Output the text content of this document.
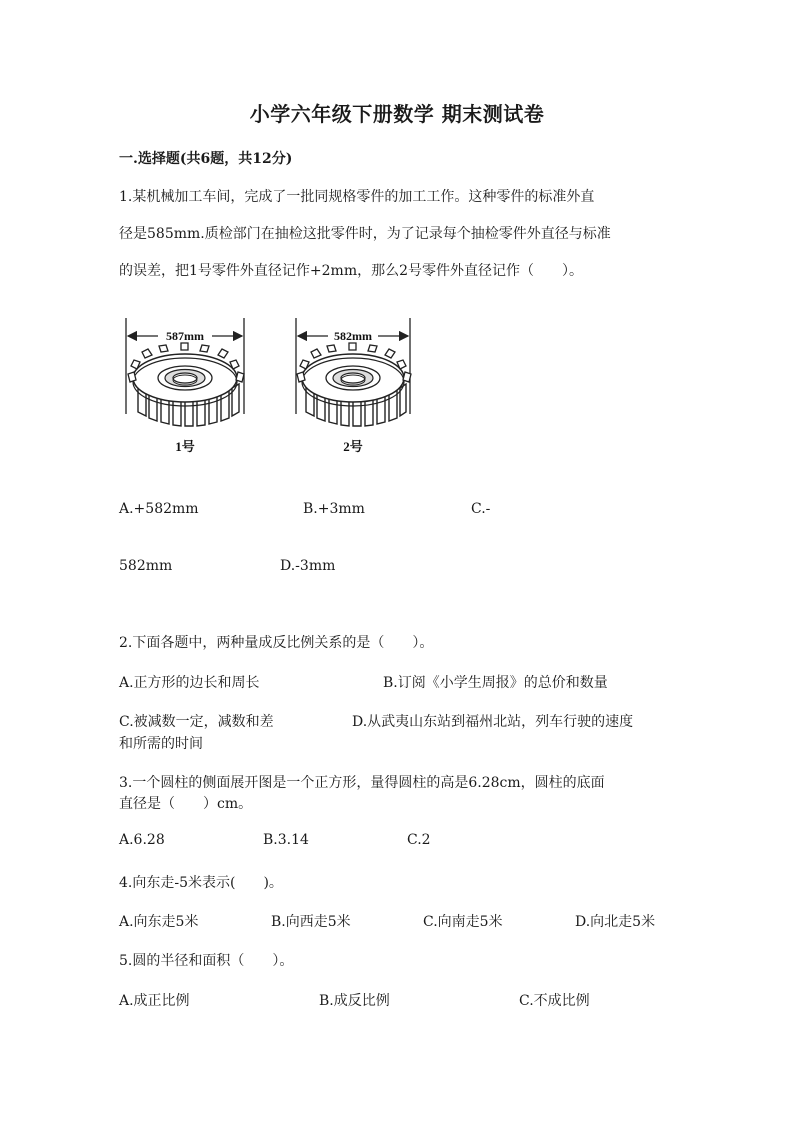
小学六年级下册数学 期末测试卷
一.选择题(共6题，共12分)
1.某机械加工车间，完成了一批同规格零件的加工工作。这种零件的标准外直
径是585mm.质检部门在抽检这批零件时，为了记录每个抽检零件外直径与标准
的误差，把1号零件外直径记作+2mm，那么2号零件外直径记作（　　）。
587mm
1号
582mm
2号
A.+582mm	B.+3mm	C.-
582mm	D.-3mm
2.下面各题中，两种量成反比例关系的是（　　）。
A.正方形的边长和周长	B.订阅《小学生周报》的总价和数量
C.被减数一定，减数和差	D.从武夷山东站到福州北站，列车行驶的速度
和所需的时间
3.一个圆柱的侧面展开图是一个正方形，量得圆柱的高是6.28cm，圆柱的底面
直径是（　　）cm。
A.6.28	B.3.14	C.2
4.向东走-5米表示(　　)。
A.向东走5米	B.向西走5米	C.向南走5米	D.向北走5米
5.圆的半径和面积（　　）。
A.成正比例	B.成反比例	C.不成比例
